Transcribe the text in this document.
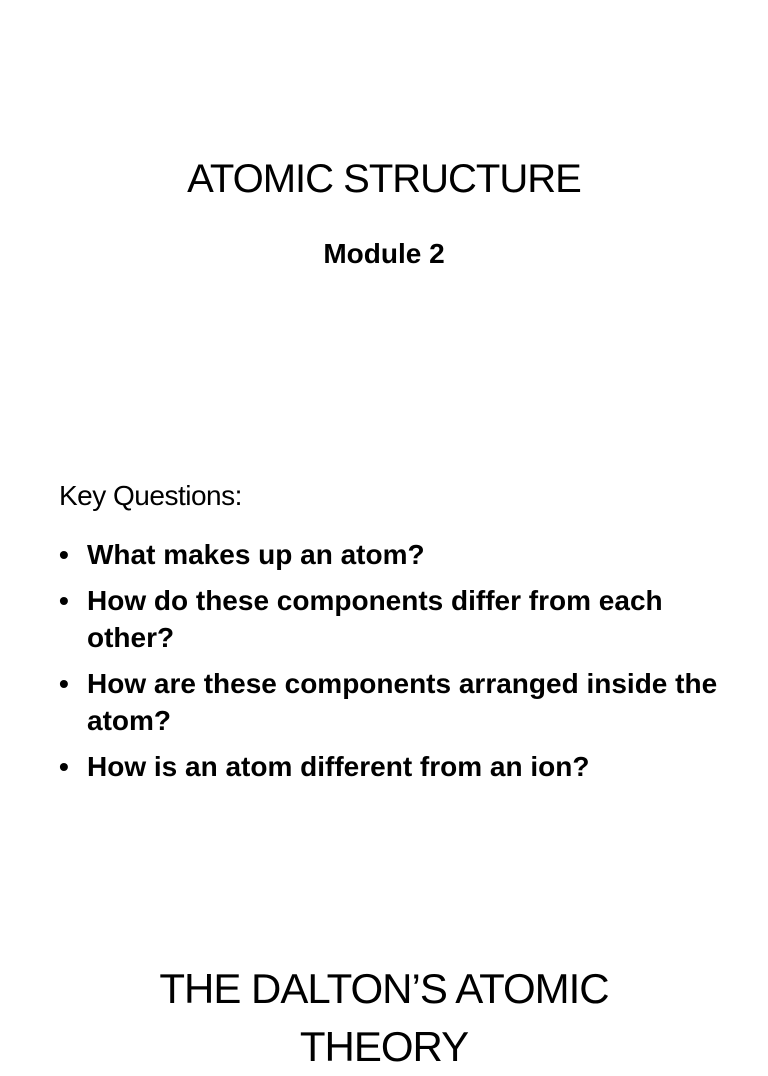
ATOMIC STRUCTURE
Module 2
Key Questions:
• What makes up an atom?
• How do these components differ from each other?
• How are these components arranged inside the atom?
• How is an atom different from an ion?
THE DALTON’S ATOMIC THEORY
